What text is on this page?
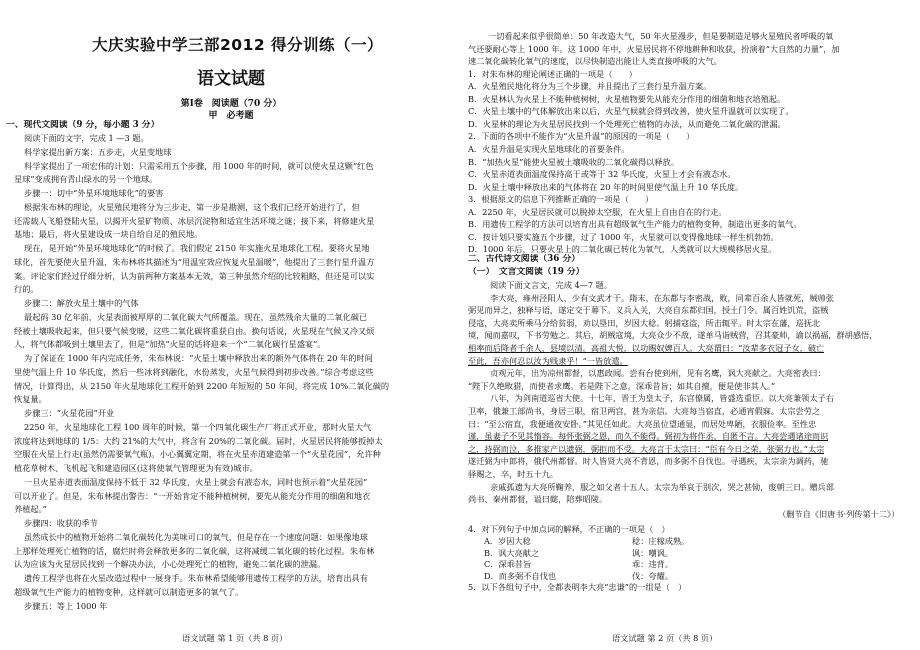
大庆实验中学三部2012 得分训练（一）
语文试题
第Ⅰ卷　阅读题（70 分）
甲　必考题
一、现代文阅读（9 分，每小题 3 分）
阅读下面的文字，完成 1 —3 题。
科学家提出新方案：五步走，火星变地球
科学家提出了一项宏伟的计划：只需采用五个步骤，用 1000 年的时间，就可以使火星这颗“红色
星球”变成拥有青山绿水的另一个地球。
步骤一：切中“外星环境地球化”的要害
根据朱布林的理论，火星殖民地将分为三步走，第一步是勘测，这个我们已经开始进行了，但
还需载人飞船登陆火星，以揭开火星矿物质、冰层沉淀物和适宜生活环境之谜；接下来，将修建火星
基地；最后，将火星建设成一块自给自足的殖民地。
现在，是开始“外星环境地球化”的时候了。我们假定 2150 年实施火星地球化工程。要将火星地
球化，首先要使火星升温，朱布林将其描述为“用温室效应恢复火星温暖”，他提出了三套行星升温方
案。评论家们经过仔细分析，认为前两种方案基本无效，第三种虽然介绍的比较粗略，但还是可以实
行的。
步骤二：解放火星土壤中的气体
最起码 30 亿年前，火星表面被厚厚的二氧化碳大气所覆盖。现在，虽然残余大量的二氧化碳已
经被土壤吸收起来，但只要气候变暖，这些二氧化碳将重获自由。换句话说，火星现在气候又冷又烦
人，将气体都吸到土壤里去了，但是“加热”火星的话将迎来一个“二氧化碳行星盛宴”。
为了保证在 1000 年内完成任务，朱布林说：“火星土壤中释放出来的额外气体将在 20 年的时间
里使气温上升 10 华氏度，然后一些冰将到融化，水份蒸发，火星气候得到初步改善。”综合考虑这些
情况，计算得出，从 2150 年火星地球化工程开始到 2200 年短短的 50 年间，将完成 10%二氧化碳的
恢复量。
步骤三：“火星花园”开业
2250 年，火星地球化工程 100 周年的时候，第一个四氧化碳生产厂将正式开业，那时火星大气
浓度将达到地球的 1/5：大约 21%的大气中，将含有 20%的二氧化碳。届时，火星居民将能够扳掉太
空服在火星上行走(虽然仍需要氧气瓶)。小心翼翼定期，将在火星赤道建造第一个“火星花园”，允许种
植花草树木、飞机起飞和建造园区(这将使氧气管理更为有效)城市。
一旦火星赤道表面温度保持不低于 32 华氏度，火星上就会有液态水，同时也预示着“火星花园”
可以开业了。但是，朱布林提出警告：“一开始肯定不能种植树树，要先从能充分作用的细菌和地衣
养植起。”
步骤四：收获的季节
虽然成长中的植物开始将二氧化碳转化为美味可口的氧气，但是存在一个速度问题：如果像地球
上那样处理死亡植物的话，腐烂时将会释放更多的二氧化碳，这将减缓二氧化碳的转化过程。朱布林
认为应该为火星居民找到一个解决办法，小心处理死亡的植物，避免二氧化碳的泄漏。
遗传工程学也将在火星改造过程中一展身手。朱布林希望能够用遗传工程学的方法，培育出具有
超级氧气生产能力的植物变种，这样就可以制造更多的氧气了。
步骤五：等上 1000 年
语文试题 第 1 页（共 8 页）
一切看起来似乎很简单：50 年改造大气，50 年火星漫步，但是要制造足够火星殖民者呼吸的氧
气还要耐心等上 1000 年。这 1000 年中，火星居民将不停地耕种和收获，扮演着“大自然的力量”，加
速二氧化碳转化氧气的速度，以尽快制造出能让人类直接呼吸的大气。
1．对朱布林的理论阐述正确的一项是（　　）
A．火星殖民地化将分为三个步骤，并且提出了三套行星升温方案。
B．火星林认为火星上不能种植树树，火星植物要先从能充分作用的细菌和地衣培殖起。
C．火星土壤中的气体解放出来以后，火星气候就会得到改善，使火星升温就可以实现了。
D．火星林的理论为火星居民找到一个处理死亡植物的办法，从而避免二氧化碳的泄漏。
2．下面的各项中不能作为“火星升温”的原因的一项是（　　）
A．火星升温是实现火星地球化的首要条件。
B．“加热火星”能使火星被土壤吸收的二氧化碳得以释放。
C．火星赤道表面温度保持高于或等于 32 华氏度，火星上才会有液态水。
D．火星土壤中释放出来的气体将在 20 年的时间里使气温上升 10 华氏度。
3．根据原文的信息下列推断正确的一项是（　　）
A．2250 年，火星居民就可以脱掉太空服，在火星上自由自在的行走。
B．用遗传工程学的方法可以培育出具有超级氧气生产能力的植物变种，制造出更多的氧气。
C．按计划只要实施五个步骤，过了 1000 年，火星就可以变得像地球一样生机勃勃。
D．1000 年后，只要火星上的二氧化碳已转化为氧气，人类就可以大规模移居火星。
二、古代诗文阅读（36 分）
（一）　文言文阅读（19 分）
阅读下面文言文，完成 4—7 题。
李大亮，雍州泾阳人，少有文武才干。隋末，在东都与李密战，败，同辈百余人皆就死，贼帅张
弼见而异之，独释与语，遂定交于幕下。义兵入关，大亮自东都归国，授土门令。属百姓饥荒，盗贼
侵寇，大亮卖所乘马分给贫弱，劝以垦田，岁因大稔。躬捕寇盗，所击辄平。时太宗在藩，巡抚北
境，闻而嘉叹，下书劳勉之。其后，胡贼寇境，大亮众少不敌，遂单马诣贼营，召其豪帅，谕以祸福，群胡感悟，
相率而后降者千余人，县境以清。高祖大悦，以功赐奴婢百人。大亮谓曰：“汝辈多衣冠子女，破亡
至此，吾亦何忍以汝为贱隶乎！”一皆放遣。
贞观元年，出为凉州都督，以惠政闻。尝有台使到州，见有名鹰，讽大亮献之。大亮密表曰：
“陛下久绝畋猎，而使者求鹰。若是陛下之意，深乖昔旨；如其自擅，便是使非其人。”
八年，为剑南道巡省大使。十七年，晋王为皇太子，东宫僚属，皆盛选重臣。以大亮兼领太子右
卫率，俄兼工部尚书，身居三职，宿卫两宫，甚为亲信。大亮每当宿直，必通宵假寐。太宗尝劳之
曰：“至公宿直，我便通夜安卧。”其见任如此。大亮虽位望通显，而居处卑陋，衣服俭率。至性忠
谨，虽妻子不见其惰容。每怀张弼之恩，而久不能得。弼初为将作丞，自匿不言。大亮尝遇诸途而识
之，持弼而泣，多推家产以遗弼，弼拒而不受。大亮言于太宗曰：“臣有今日之荣，张弼力也。”太宗
遂迁弼为中郎将，俄代州都督。时人皆贤大亮不背恩，而多弼不自伐也。寻遇疾，太宗亲为调药，驰
驿赐之，卒，时五十九。
亲戚孤遗为大亮所鞠养，服之如父者十五人。太宗为举哀于别次，哭之甚恸，废朝三日。赠兵部
尚书、秦州都督，谥曰懿，陪葬昭陵。
（删节自《旧唐书·列传第十二》）
4．对下列句子中加点词的解释，不正确的一项是（　）
A．岁因大稔	稔：庄稼成熟。
B．讽大亮献之	讽：嘲讽。
C．深乖昔旨	乖：违背。
D．而多弼不自伐也	伐：夸耀。
5．以下各组句子中，全都表明李大亮“忠谦”的一组是（　）
语文试题 第 2 页（共 8 页）
